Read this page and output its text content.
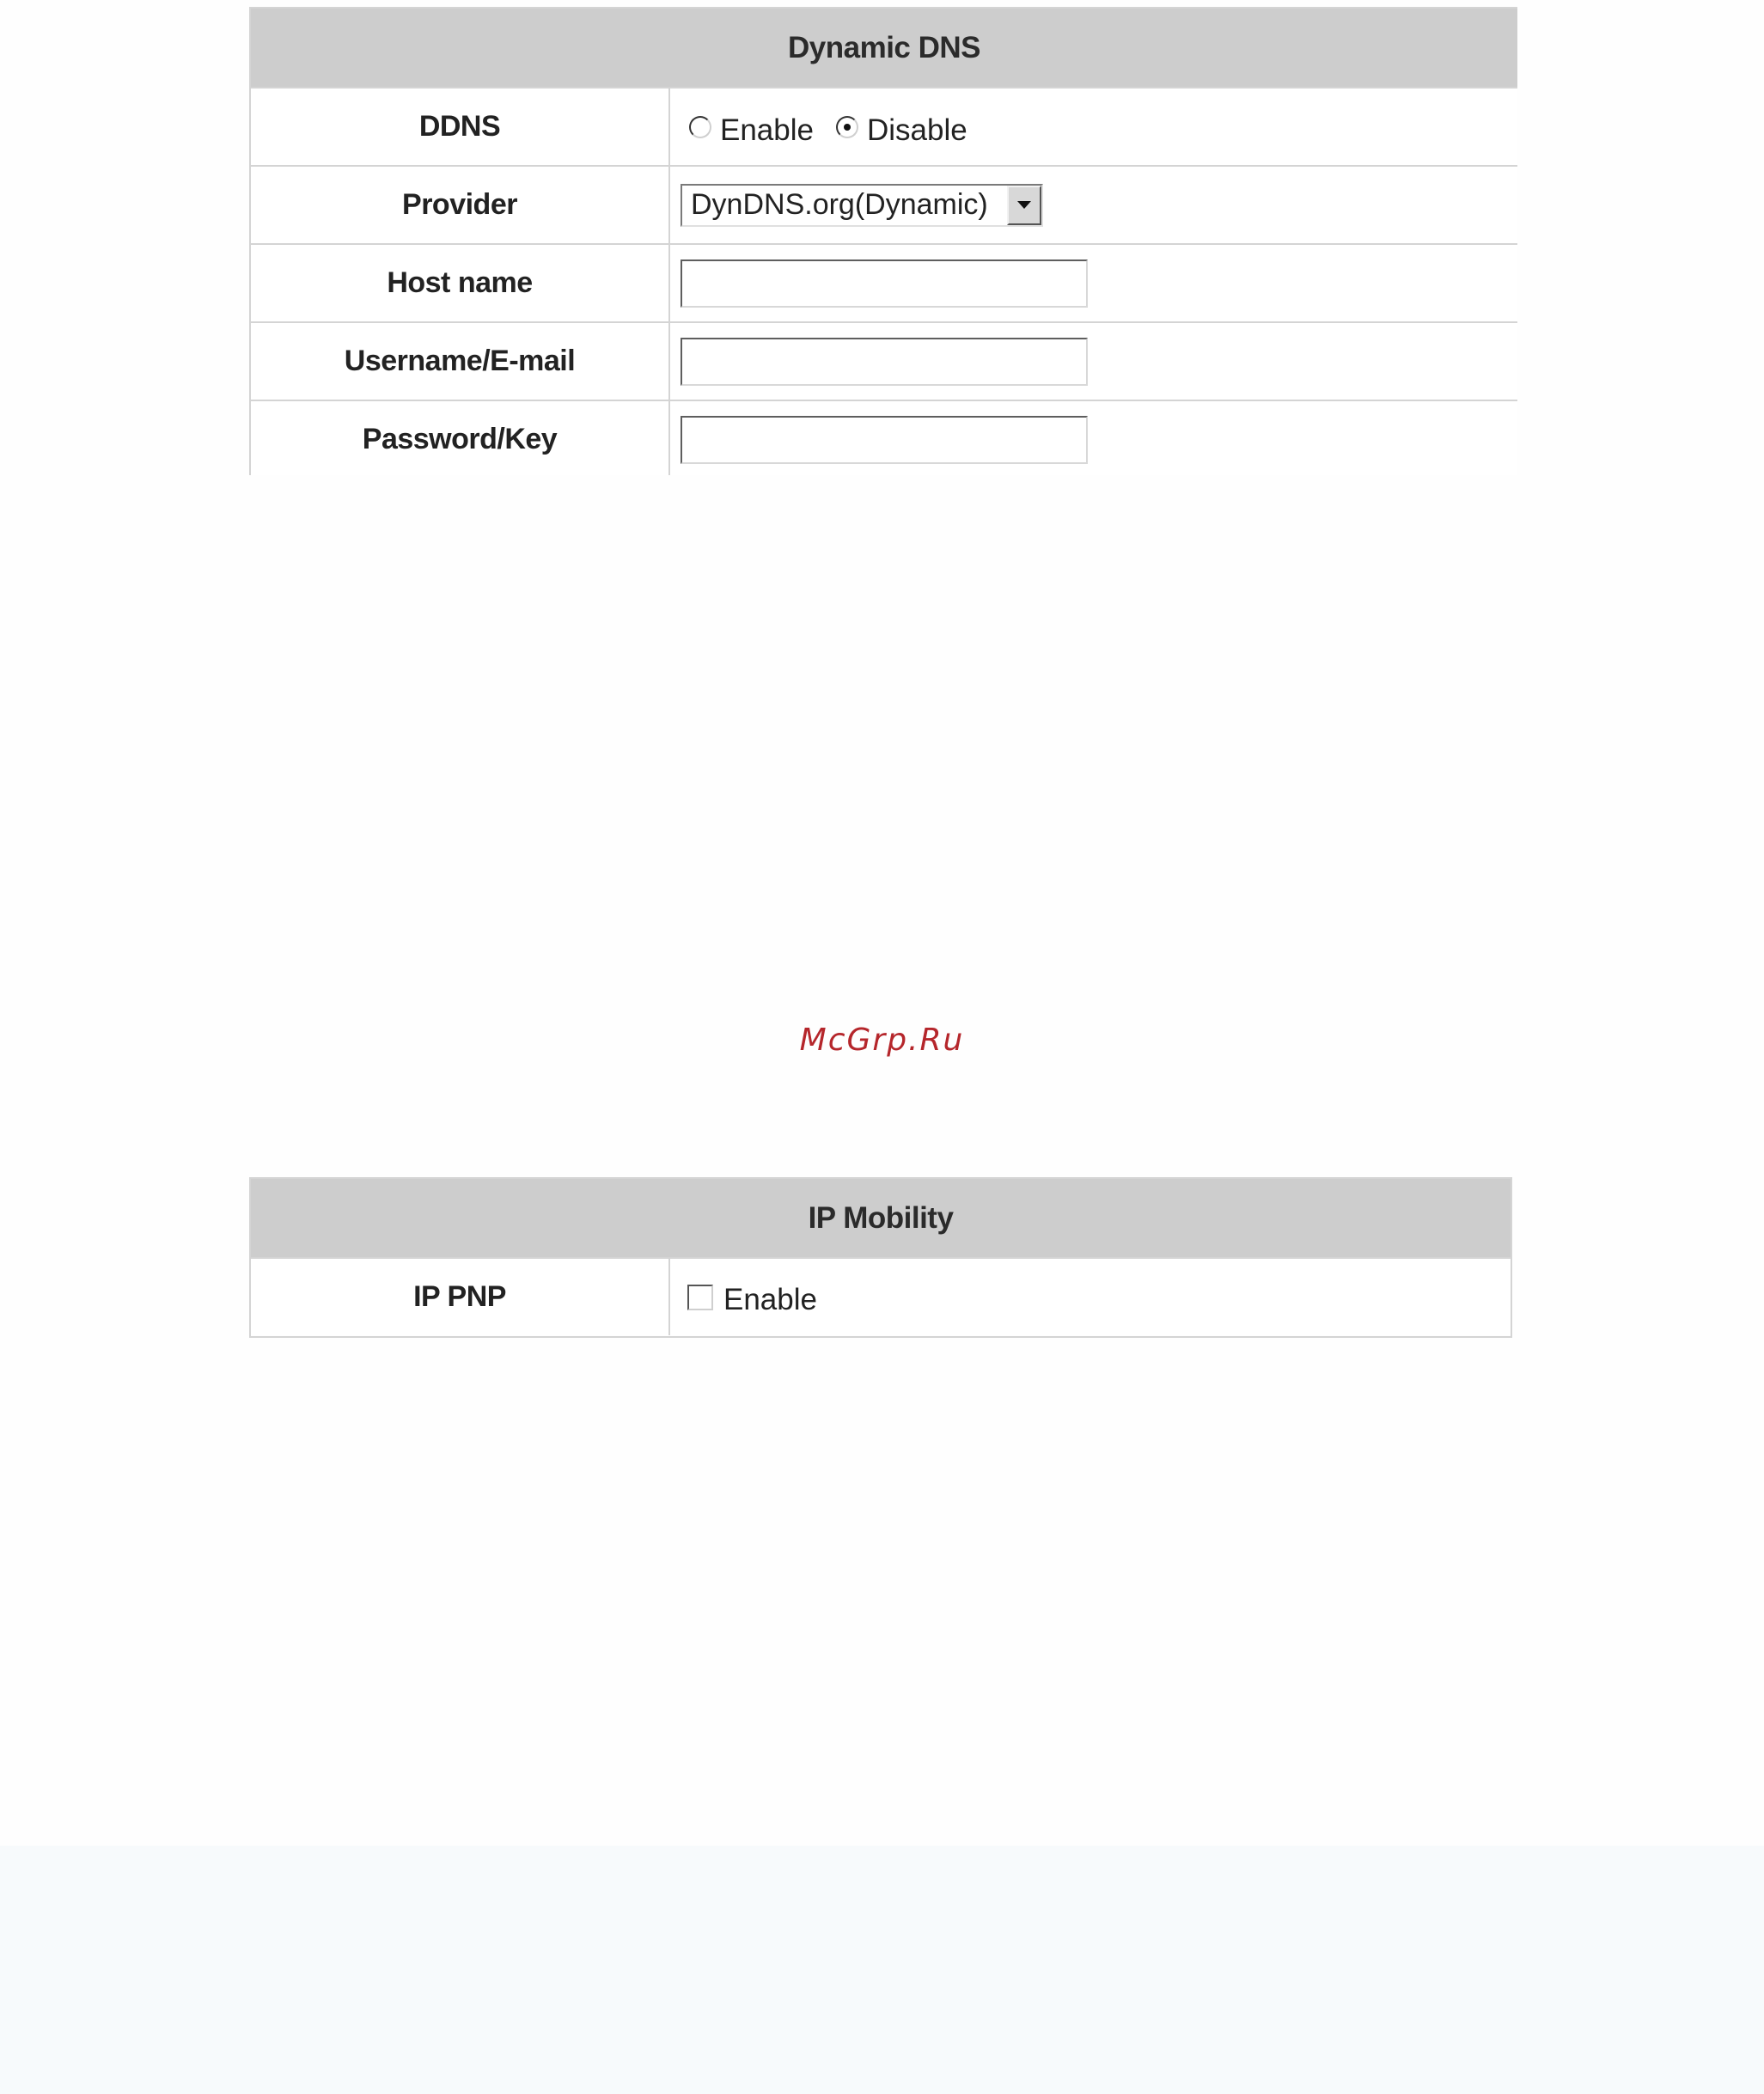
Dynamic DNS
DDNS	Enable Disable
Provider	DynDNS.org(Dynamic)
Host name
Username/E-mail
Password/Key
McGrp.Ru
IP Mobility
IP PNP	Enable
